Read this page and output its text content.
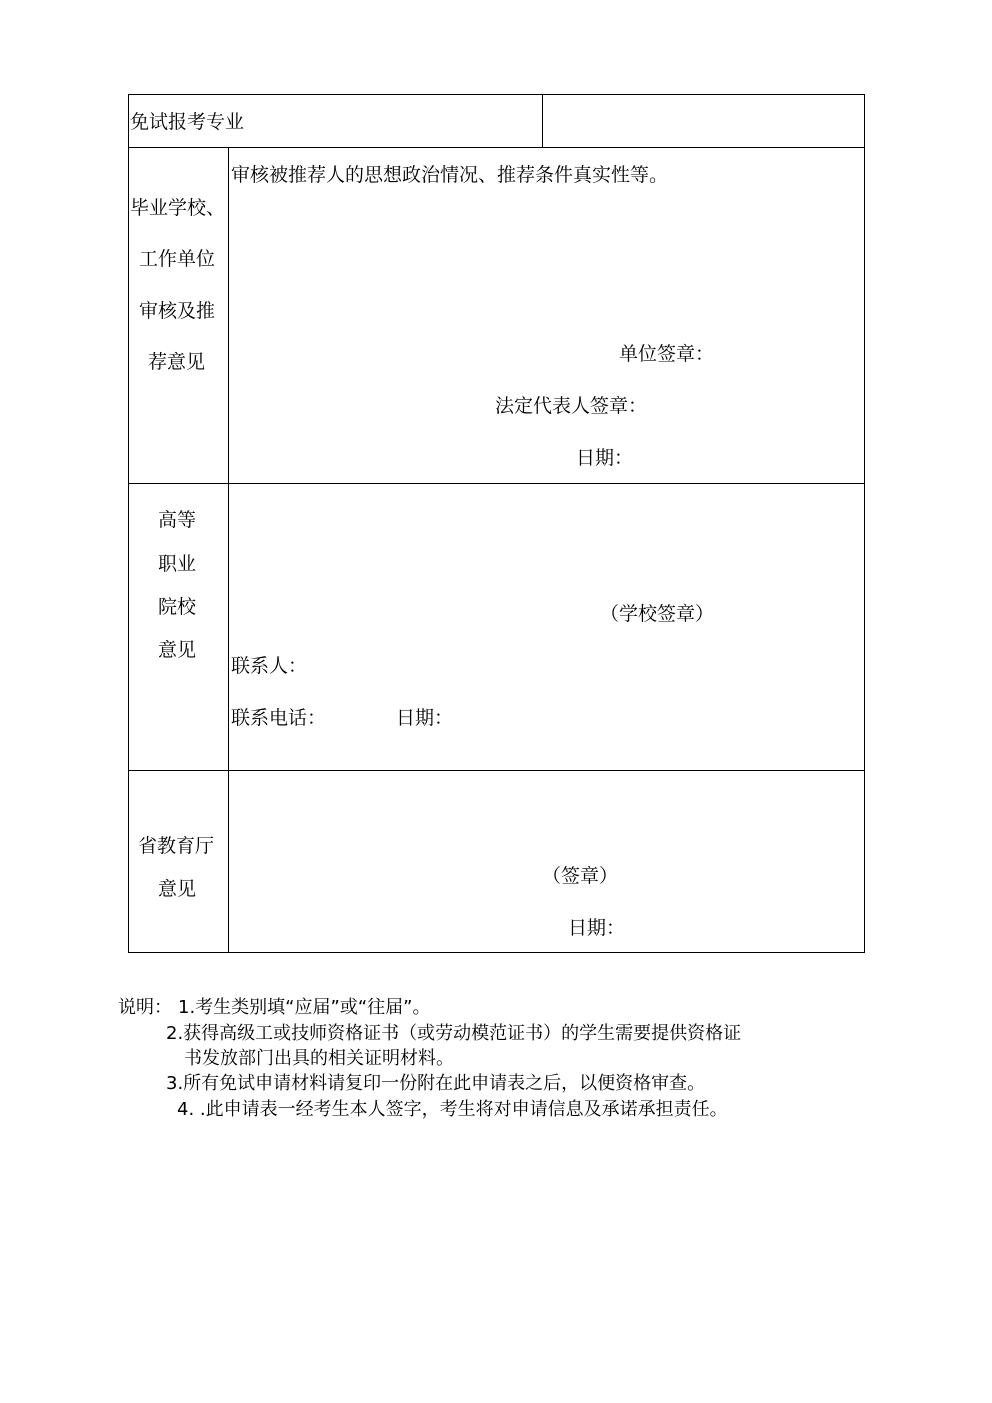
免试报考专业
毕业学校、
工作单位
审核及推
荐意见
审核被推荐人的思想政治情况、推荐条件真实性等。
单位签章：
法定代表人签章：
日期：
高等
职业
院校
意见
（学校签章）
联系人：
联系电话：	日期：
省教育厅
意见
（签章）
日期：
说明： 1.考生类别填“应届”或“往届”。
2.获得高级工或技师资格证书（或劳动模范证书）的学生需要提供资格证
书发放部门出具的相关证明材料。
3.所有免试申请材料请复印一份附在此申请表之后，以便资格审查。
4. .此申请表一经考生本人签字，考生将对申请信息及承诺承担责任。
